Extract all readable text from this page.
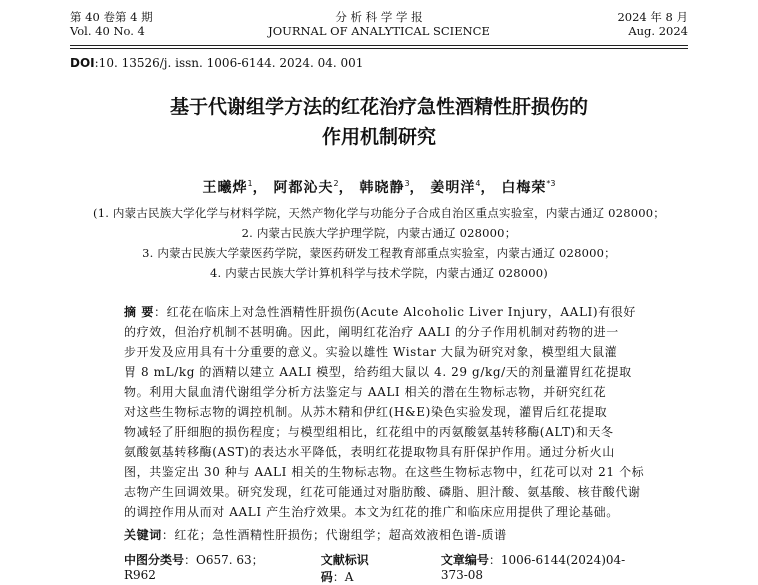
第 40 卷第 4 期
Vol. 40 No. 4
分 析 科 学 学 报
JOURNAL OF ANALYTICAL SCIENCE
2024 年 8 月
Aug. 2024
DOI:10. 13526/j. issn. 1006-6144. 2024. 04. 001
基于代谢组学方法的红花治疗急性酒精性肝损伤的
作用机制研究
王曦烨$^1$， 阿都沁夫$^2$， 韩晓静$^3$， 姜明洋$^4$， 白梅荣$^{*3}$
(1. 内蒙古民族大学化学与材料学院，天然产物化学与功能分子合成自治区重点实验室，内蒙古通辽 028000；
2. 内蒙古民族大学护理学院，内蒙古通辽 028000；
3. 内蒙古民族大学蒙医药学院，蒙医药研发工程教育部重点实验室，内蒙古通辽 028000；
4. 内蒙古民族大学计算机科学与技术学院，内蒙古通辽 028000)
摘 要：红花在临床上对急性酒精性肝损伤(Acute Alcoholic Liver Injury，AALI)有很好
的疗效，但治疗机制不甚明确。因此，阐明红花治疗 AALI 的分子作用机制对药物的进一
步开发及应用具有十分重要的意义。实验以雄性 Wistar 大鼠为研究对象，模型组大鼠灌
胃 8 mL/kg 的酒精以建立 AALI 模型，给药组大鼠以 4. 29 g/kg/天的剂量灌胃红花提取
物。利用大鼠血清代谢组学分析方法鉴定与 AALI 相关的潜在生物标志物，并研究红花
对这些生物标志物的调控机制。从苏木精和伊红(H&E)染色实验发现，灌胃后红花提取
物减轻了肝细胞的损伤程度；与模型组相比，红花组中的丙氨酸氨基转移酶(ALT)和天冬
氨酸氨基转移酶(AST)的表达水平降低，表明红花提取物具有肝保护作用。通过分析火山
图，共鉴定出 30 种与 AALI 相关的生物标志物。在这些生物标志物中，红花可以对 21 个标
志物产生回调效果。研究发现，红花可能通过对脂肪酸、磷脂、胆汁酸、氨基酸、核苷酸代谢
的调控作用从而对 AALI 产生治疗效果。本文为红花的推广和临床应用提供了理论基础。
关键词：红花；急性酒精性肝损伤；代谢组学；超高效液相色谱-质谱
中图分类号：O657. 63；R962
文献标识码：A
文章编号：1006-6144(2024)04-373-08
